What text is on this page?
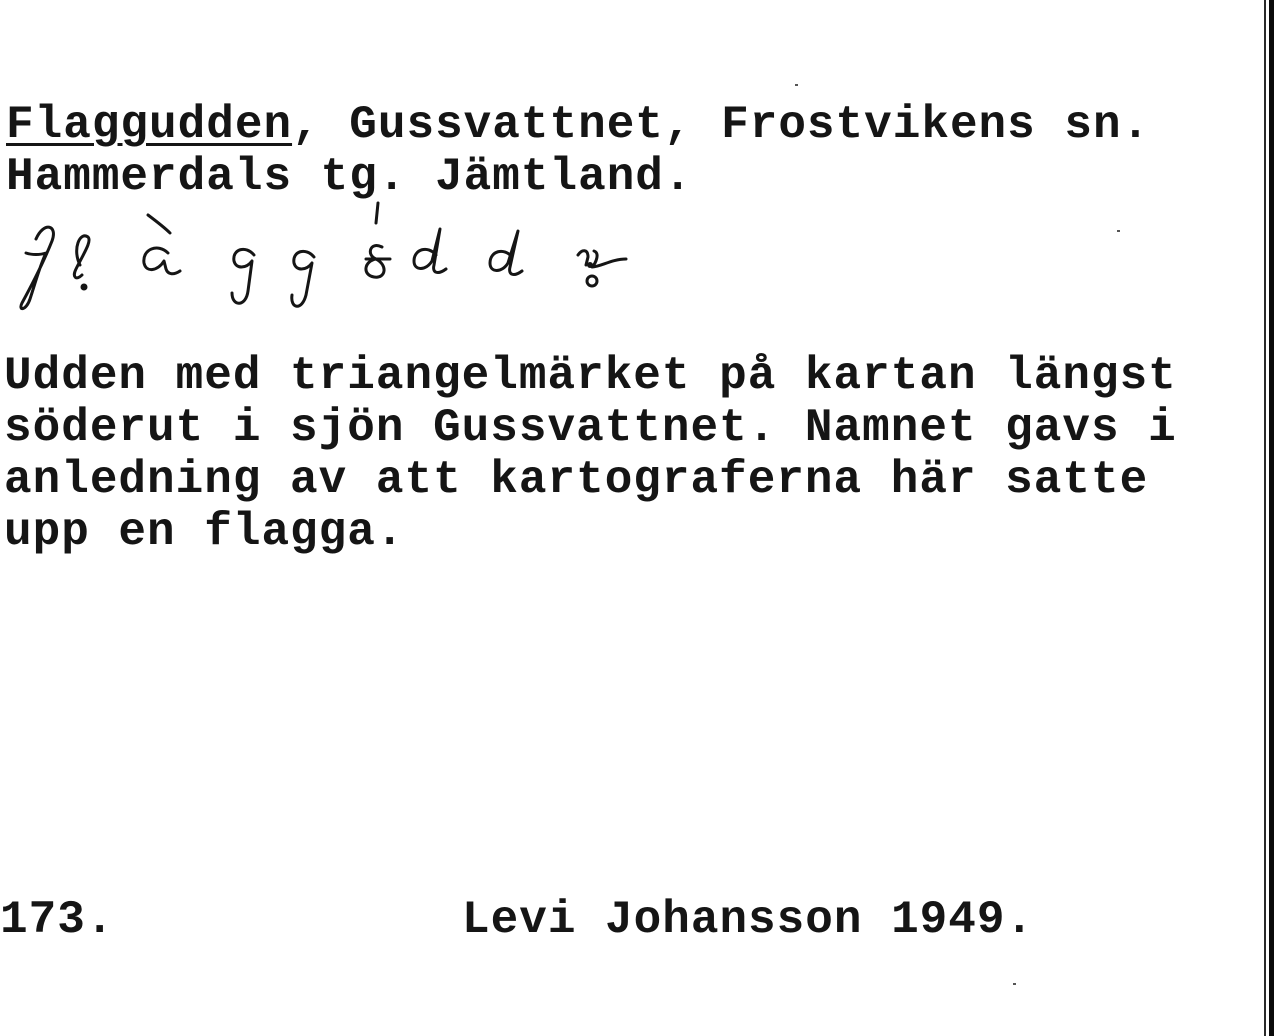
Flaggudden, Gussvattnet, Frostvikens sn.
Hammerdals tg. Jämtland.
Udden med triangelmärket på kartan längst
söderut i sjön Gussvattnet. Namnet gavs i
anledning av att kartograferna här satte
upp en flagga.
173.	Levi Johansson 1949.
